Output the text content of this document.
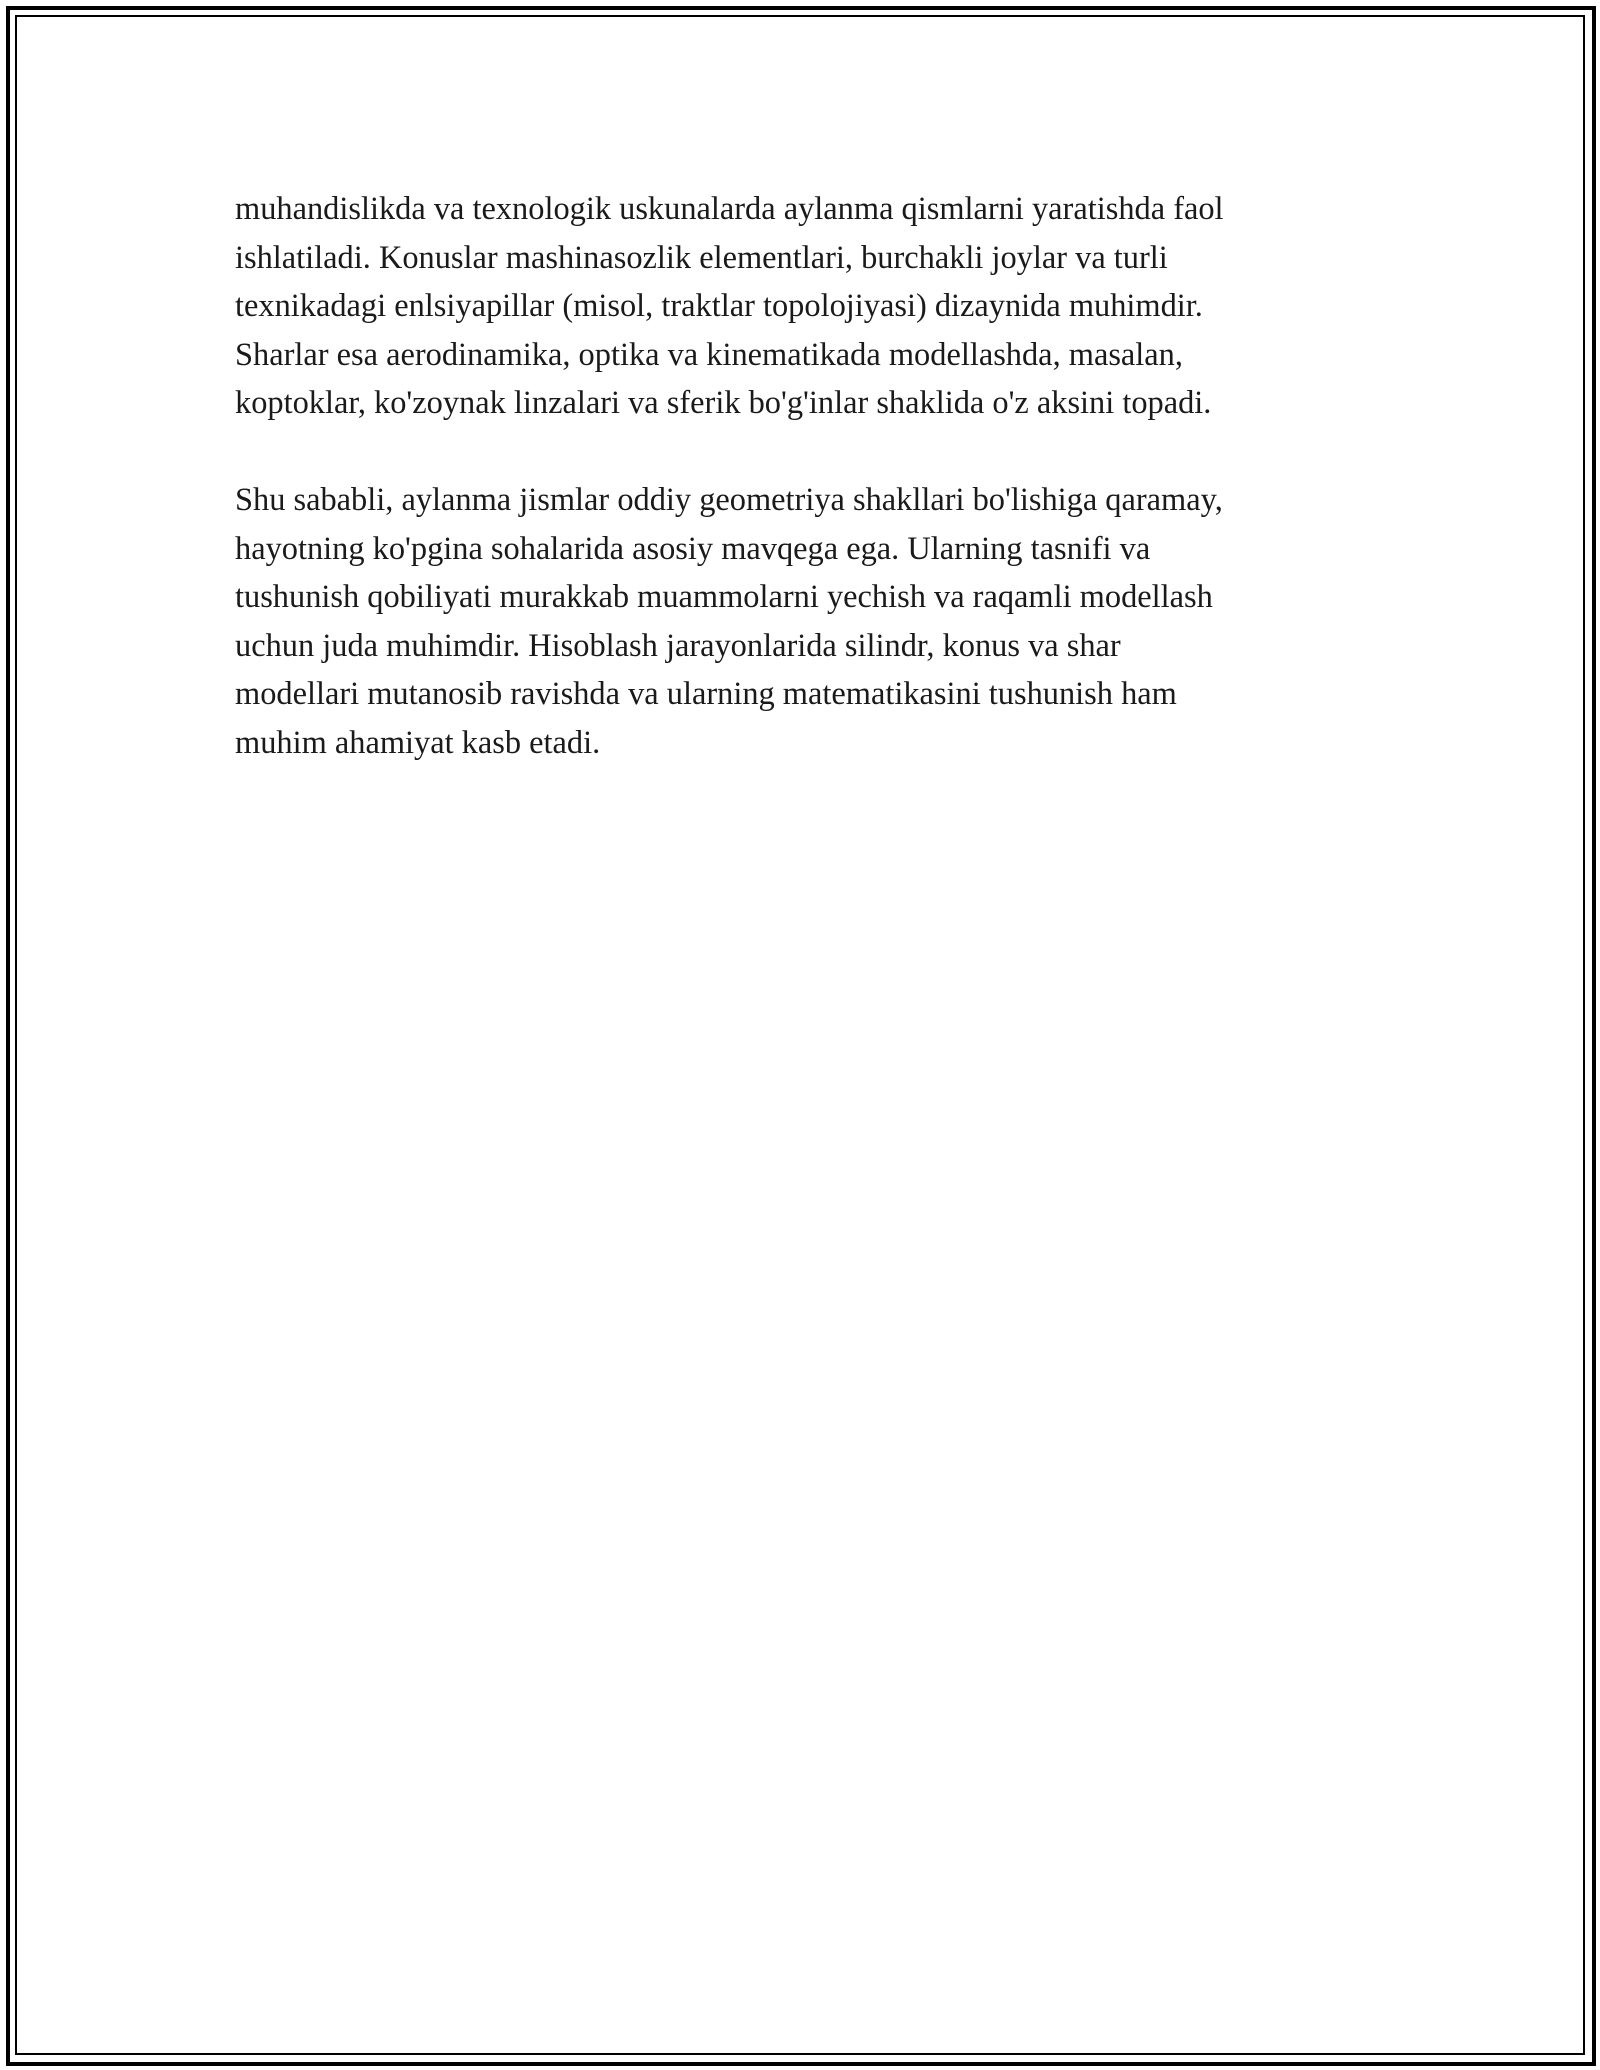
muhandislikda va texnologik uskunalarda aylanma qismlarni yaratishda faol
ishlatiladi. Konuslar mashinasozlik elementlari, burchakli joylar va turli
texnikadagi enlsiyapillar (misol, traktlar topolojiyasi) dizaynida muhimdir.
Sharlar esa aerodinamika, optika va kinematikada modellashda, masalan,
koptoklar, ko'zoynak linzalari va sferik bo'g'inlar shaklida o'z aksini topadi.

Shu sababli, aylanma jismlar oddiy geometriya shakllari bo'lishiga qaramay,
hayotning ko'pgina sohalarida asosiy mavqega ega. Ularning tasnifi va
tushunish qobiliyati murakkab muammolarni yechish va raqamli modellash
uchun juda muhimdir. Hisoblash jarayonlarida silindr, konus va shar
modellari mutanosib ravishda va ularning matematikasini tushunish ham
muhim ahamiyat kasb etadi.
